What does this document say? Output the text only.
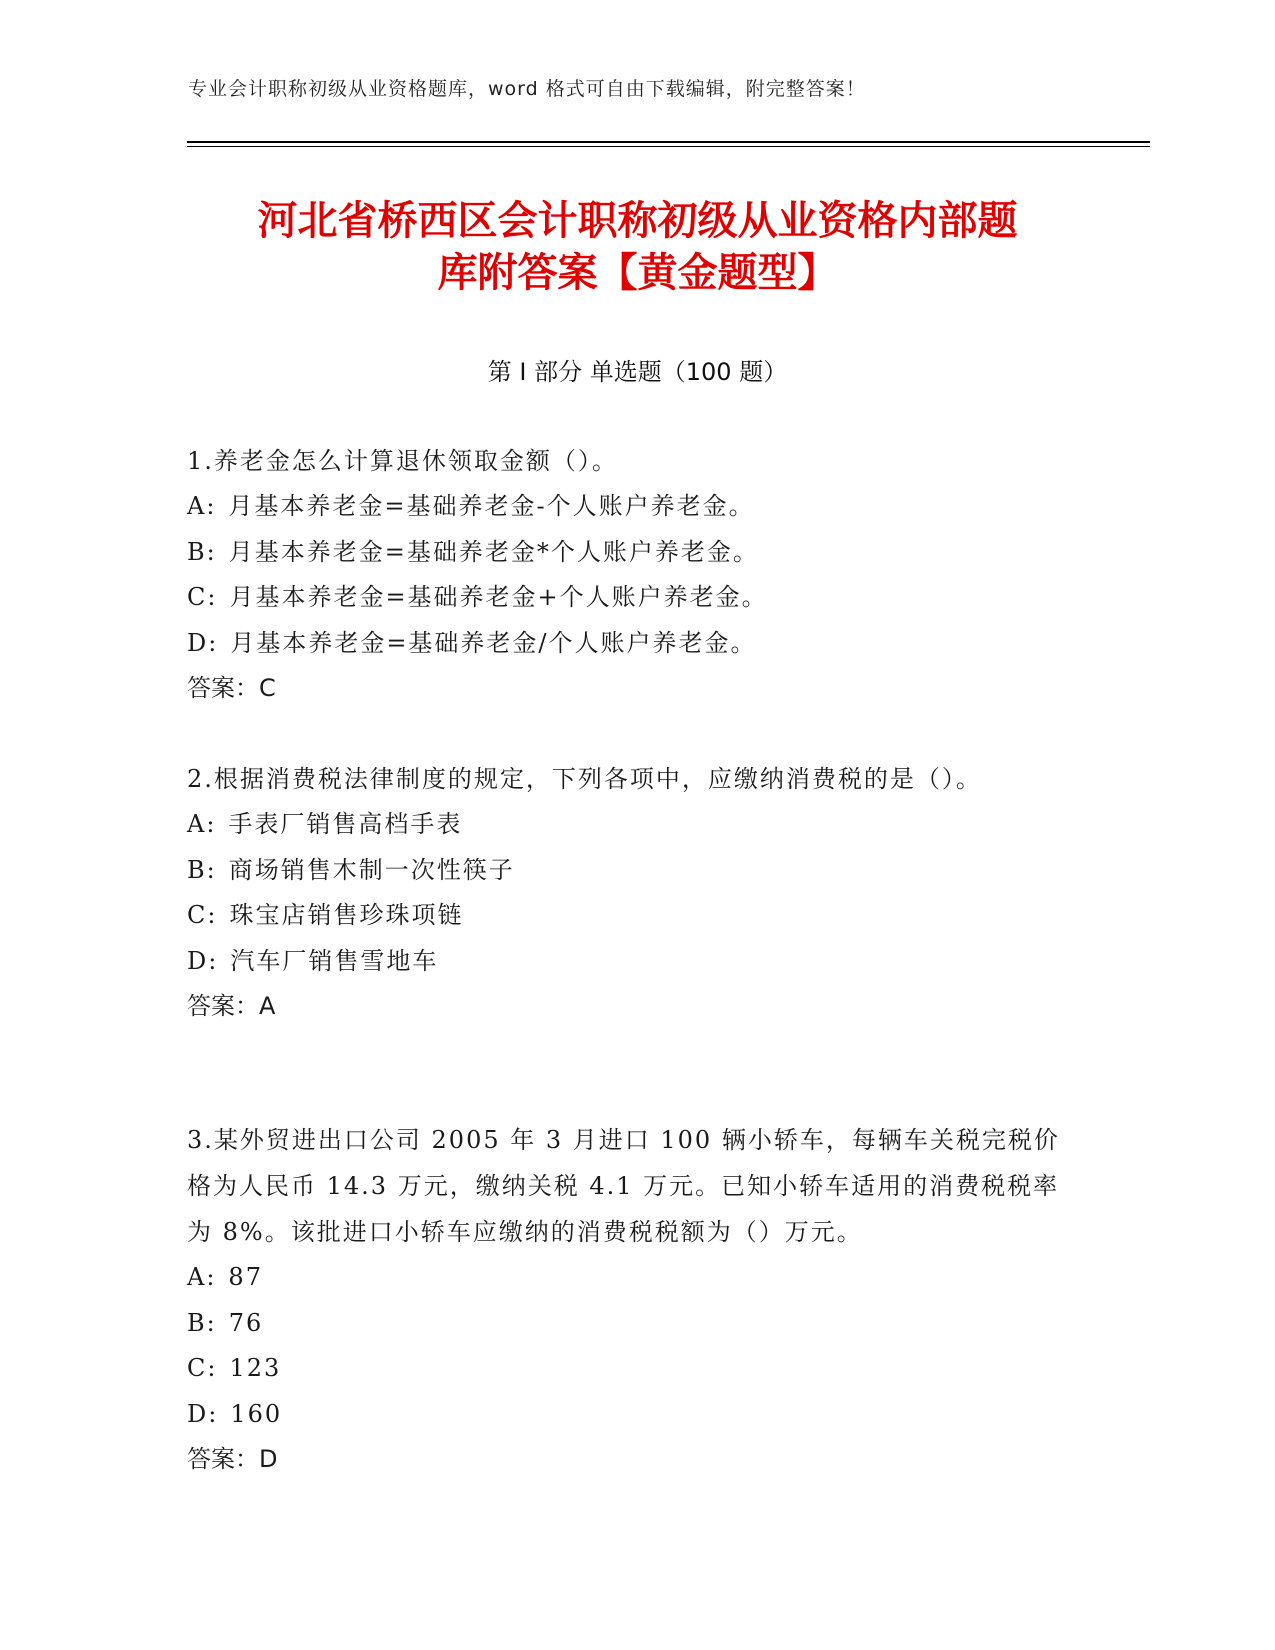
专业会计职称初级从业资格题库，word 格式可自由下载编辑，附完整答案！
河北省桥西区会计职称初级从业资格内部题
库附答案【黄金题型】
第 I 部分 单选题（100 题）

1.养老金怎么计算退休领取金额（）。

A: 月基本养老金=基础养老金-个人账户养老金。

B: 月基本养老金=基础养老金*个人账户养老金。

C: 月基本养老金=基础养老金+个人账户养老金。

D: 月基本养老金=基础养老金/个人账户养老金。

答案：C

2.根据消费税法律制度的规定，下列各项中，应缴纳消费税的是（）。

A: 手表厂销售高档手表

B: 商场销售木制一次性筷子

C: 珠宝店销售珍珠项链

D: 汽车厂销售雪地车

答案：A

3.某外贸进出口公司 2005 年 3 月进口 100 辆小轿车，每辆车关税完税价格为人民币 14.3 万元，缴纳关税 4.1 万元。已知小轿车适用的消费税税率为 8%。该批进口小轿车应缴纳的消费税税额为（）万元。

A: 87

B: 76

C: 123

D: 160

答案：D
